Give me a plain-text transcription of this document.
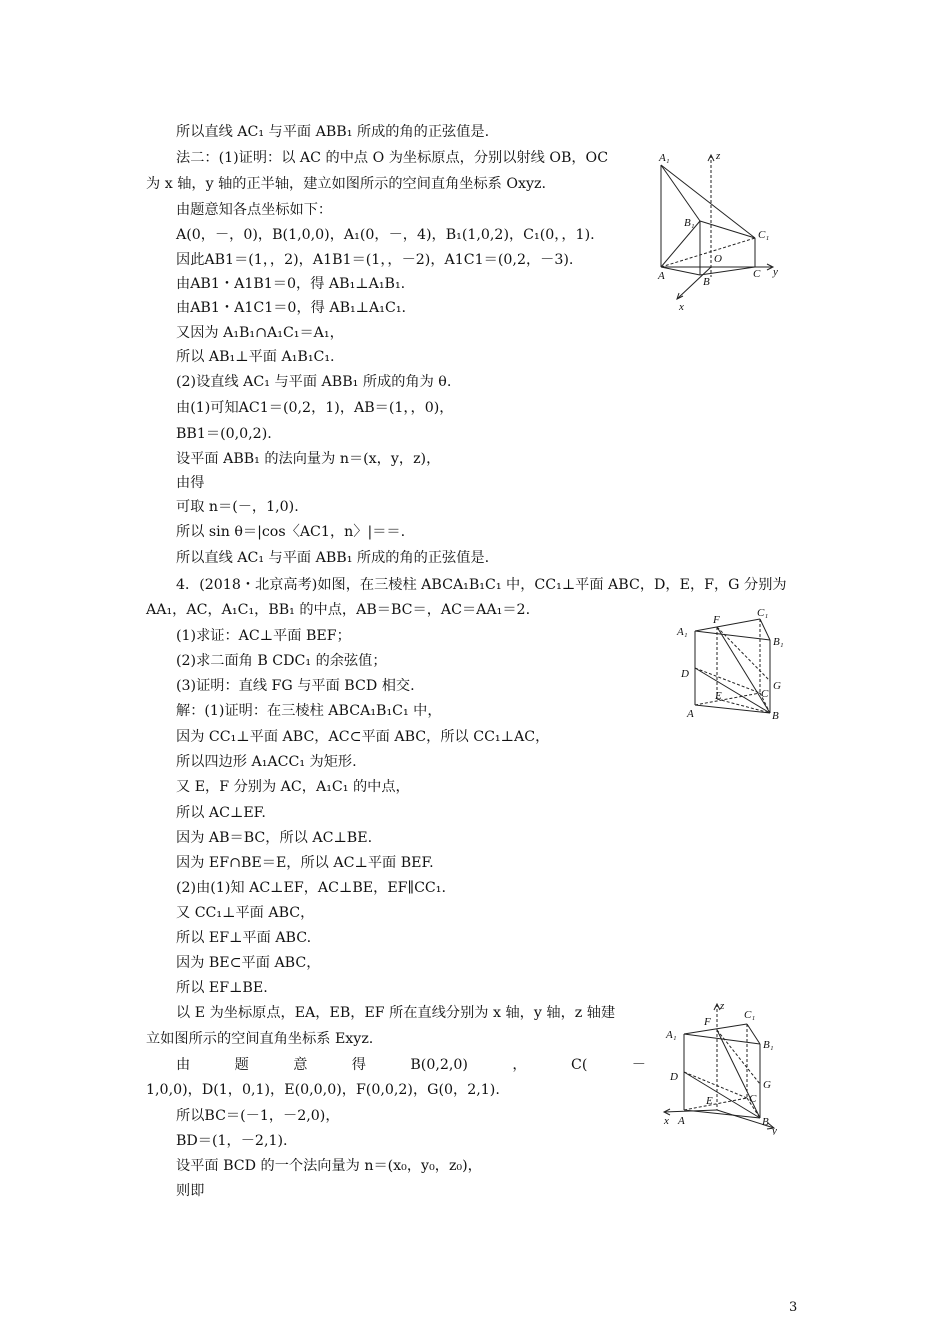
所以直线 AC₁ 与平面 ABB₁ 所成的角的正弦值是.
法二：(1)证明：以 AC 的中点 O 为坐标原点，分别以射线 OB，OC
为 x 轴，y 轴的正半轴，建立如图所示的空间直角坐标系 Oxyz.
由题意知各点坐标如下：
A(0，－，0)，B(1,0,0)，A₁(0，－，4)，B₁(1,0,2)，C₁(0，，1).
因此AB1＝(1，，2)，A1B1＝(1，，－2)，A1C1＝(0,2，－3).
由AB1・A1B1＝0，得 AB₁⊥A₁B₁.
由AB1・A1C1＝0，得 AB₁⊥A₁C₁.
又因为 A₁B₁∩A₁C₁＝A₁，
所以 AB₁⊥平面 A₁B₁C₁.
(2)设直线 AC₁ 与平面 ABB₁ 所成的角为 θ.
由(1)可知AC1＝(0,2，1)，AB＝(1，，0)，
BB1＝(0,0,2).
设平面 ABB₁ 的法向量为 n＝(x，y，z)，
由得
可取 n＝(－，1,0).
所以 sin θ＝|cos〈AC1，n〉|＝＝.
所以直线 AC₁ 与平面 ABB₁ 所成的角的正弦值是.
4．(2018・北京高考)如图，在三棱柱 ABCA₁B₁C₁ 中，CC₁⊥平面 ABC，D，E，F，G 分别为
AA₁，AC，A₁C₁，BB₁ 的中点，AB＝BC＝，AC＝AA₁＝2.
(1)求证：AC⊥平面 BEF；
(2)求二面角 B CDC₁ 的余弦值；
(3)证明：直线 FG 与平面 BCD 相交.
解：(1)证明：在三棱柱 ABCA₁B₁C₁ 中，
因为 CC₁⊥平面 ABC，AC⊂平面 ABC，所以 CC₁⊥AC，
所以四边形 A₁ACC₁ 为矩形.
又 E，F 分别为 AC，A₁C₁ 的中点，
所以 AC⊥EF.
因为 AB＝BC，所以 AC⊥BE.
因为 EF∩BE＝E，所以 AC⊥平面 BEF.
(2)由(1)知 AC⊥EF，AC⊥BE，EF∥CC₁.
又 CC₁⊥平面 ABC，
所以 EF⊥平面 ABC.
因为 BE⊂平面 ABC，
所以 EF⊥BE.
以 E 为坐标原点，EA，EB，EF 所在直线分别为 x 轴，y 轴，z 轴建
立如图所示的空间直角坐标系 Exyz.
由	题	意	得	B(0,2,0)	，	C(	－
1,0,0)，D(1，0,1)，E(0,0,0)，F(0,0,2)，G(0，2,1).
所以BC＝(－1，－2,0)，
BD＝(1，－2,1).
设平面 BCD 的一个法向量为 n＝(x₀，y₀，z₀)，
则即
A₁	z
B₁
C₁
O
A	B
C y
x
C₁
A₁
F
B₁
D
C
G
E
A	B
z
C₁
A₁
F
B₁
D
G
C
E
x A	B
y
3
